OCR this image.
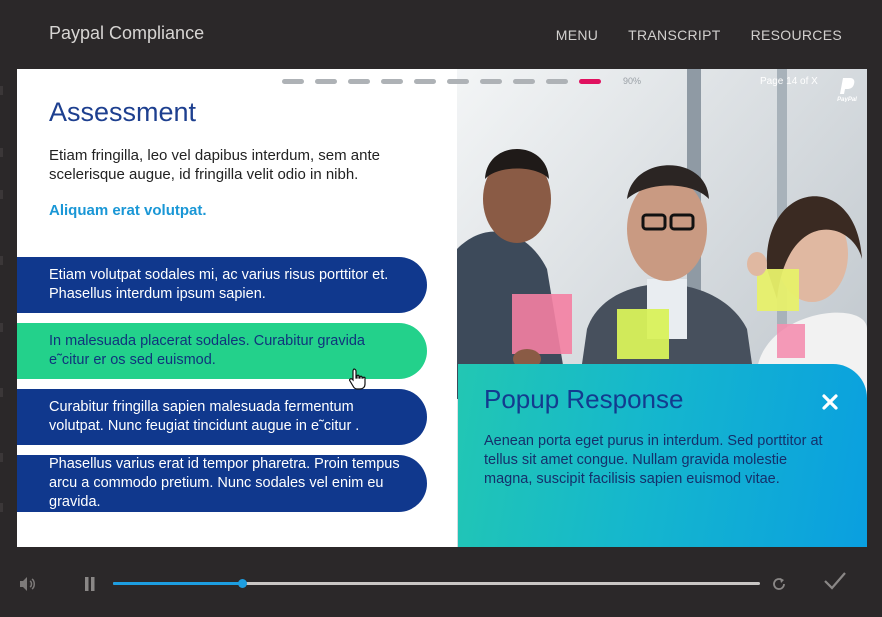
Paypal Compliance	MENU TRANSCRIPT RESOURCES
Assessment
Etiam fringilla, leo vel dapibus interdum, sem ante scelerisque augue, id fringilla velit odio in nibh.
Aliquam erat volutpat.
Etiam volutpat sodales mi, ac varius risus porttitor et. Phasellus interdum ipsum sapien.
In malesuada placerat sodales. Curabitur gravida e˜citur er os sed euismod.
Curabitur fringilla sapien malesuada fermentum volutpat. Nunc feugiat tincidunt augue in e˜citur .
Phasellus varius erat id tempor pharetra. Proin tempus arcu a commodo pretium. Nunc sodales vel enim eu gravida.
90%	Page 14 of X
PayPal
Popup Response
Aenean porta eget purus in interdum. Sed porttitor at tellus sit amet congue. Nullam gravida molestie magna, suscipit facilisis sapien euismod vitae.
